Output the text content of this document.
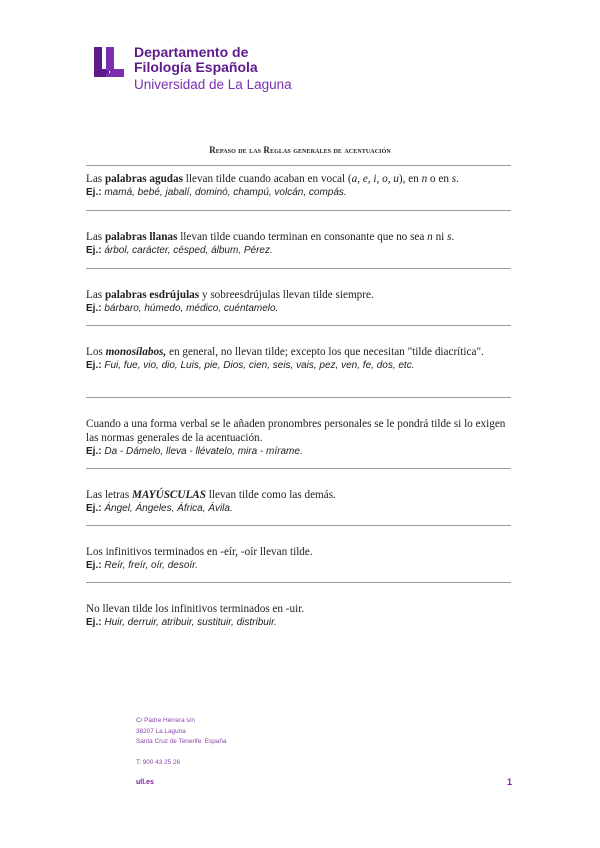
Departamento de
Filología Española
Universidad de La Laguna
Repaso de las Reglas generales de acentuación

Las palabras agudas llevan tilde cuando acaban en vocal (a, e, i, o, u), en n o en s.

Ej.: mamá, bebé, jabalí, dominó, champú, volcán, compás.

Las palabras llanas llevan tilde cuando terminan en consonante que no sea n ni s.

Ej.: árbol, carácter, césped, álbum, Pérez.

Las palabras esdrújulas y sobreesdrújulas llevan tilde siempre.

Ej.: bárbaro, húmedo, médico, cuéntamelo.

Los monosílabos, en general, no llevan tilde; excepto los que necesitan "tilde diacrítica".

Ej.: Fui, fue, vio, dio, Luis, pie, Dios, cien, seis, vais, pez, ven, fe, dos, etc.

Cuando a una forma verbal se le añaden pronombres personales se le pondrá tilde si lo exigen las normas generales de la acentuación.

Ej.: Da - Dámelo, lleva - llévatelo, mira - mírame.

Las letras MAYÚSCULAS llevan tilde como las demás.

Ej.: Ángel, Ángeles, África, Ávila.

Los infinitivos terminados en -eír, -oír llevan tilde.

Ej.: Reír, freír, oír, desoír.

No llevan tilde los infinitivos terminados en -uir.

Ej.: Huir, derruir, atribuir, sustituir, distribuir.

C/ Padre Herrera s/n
38207 La Laguna
Santa Cruz de Tenerife. España
T: 900 43 25 26
ull.es	1
